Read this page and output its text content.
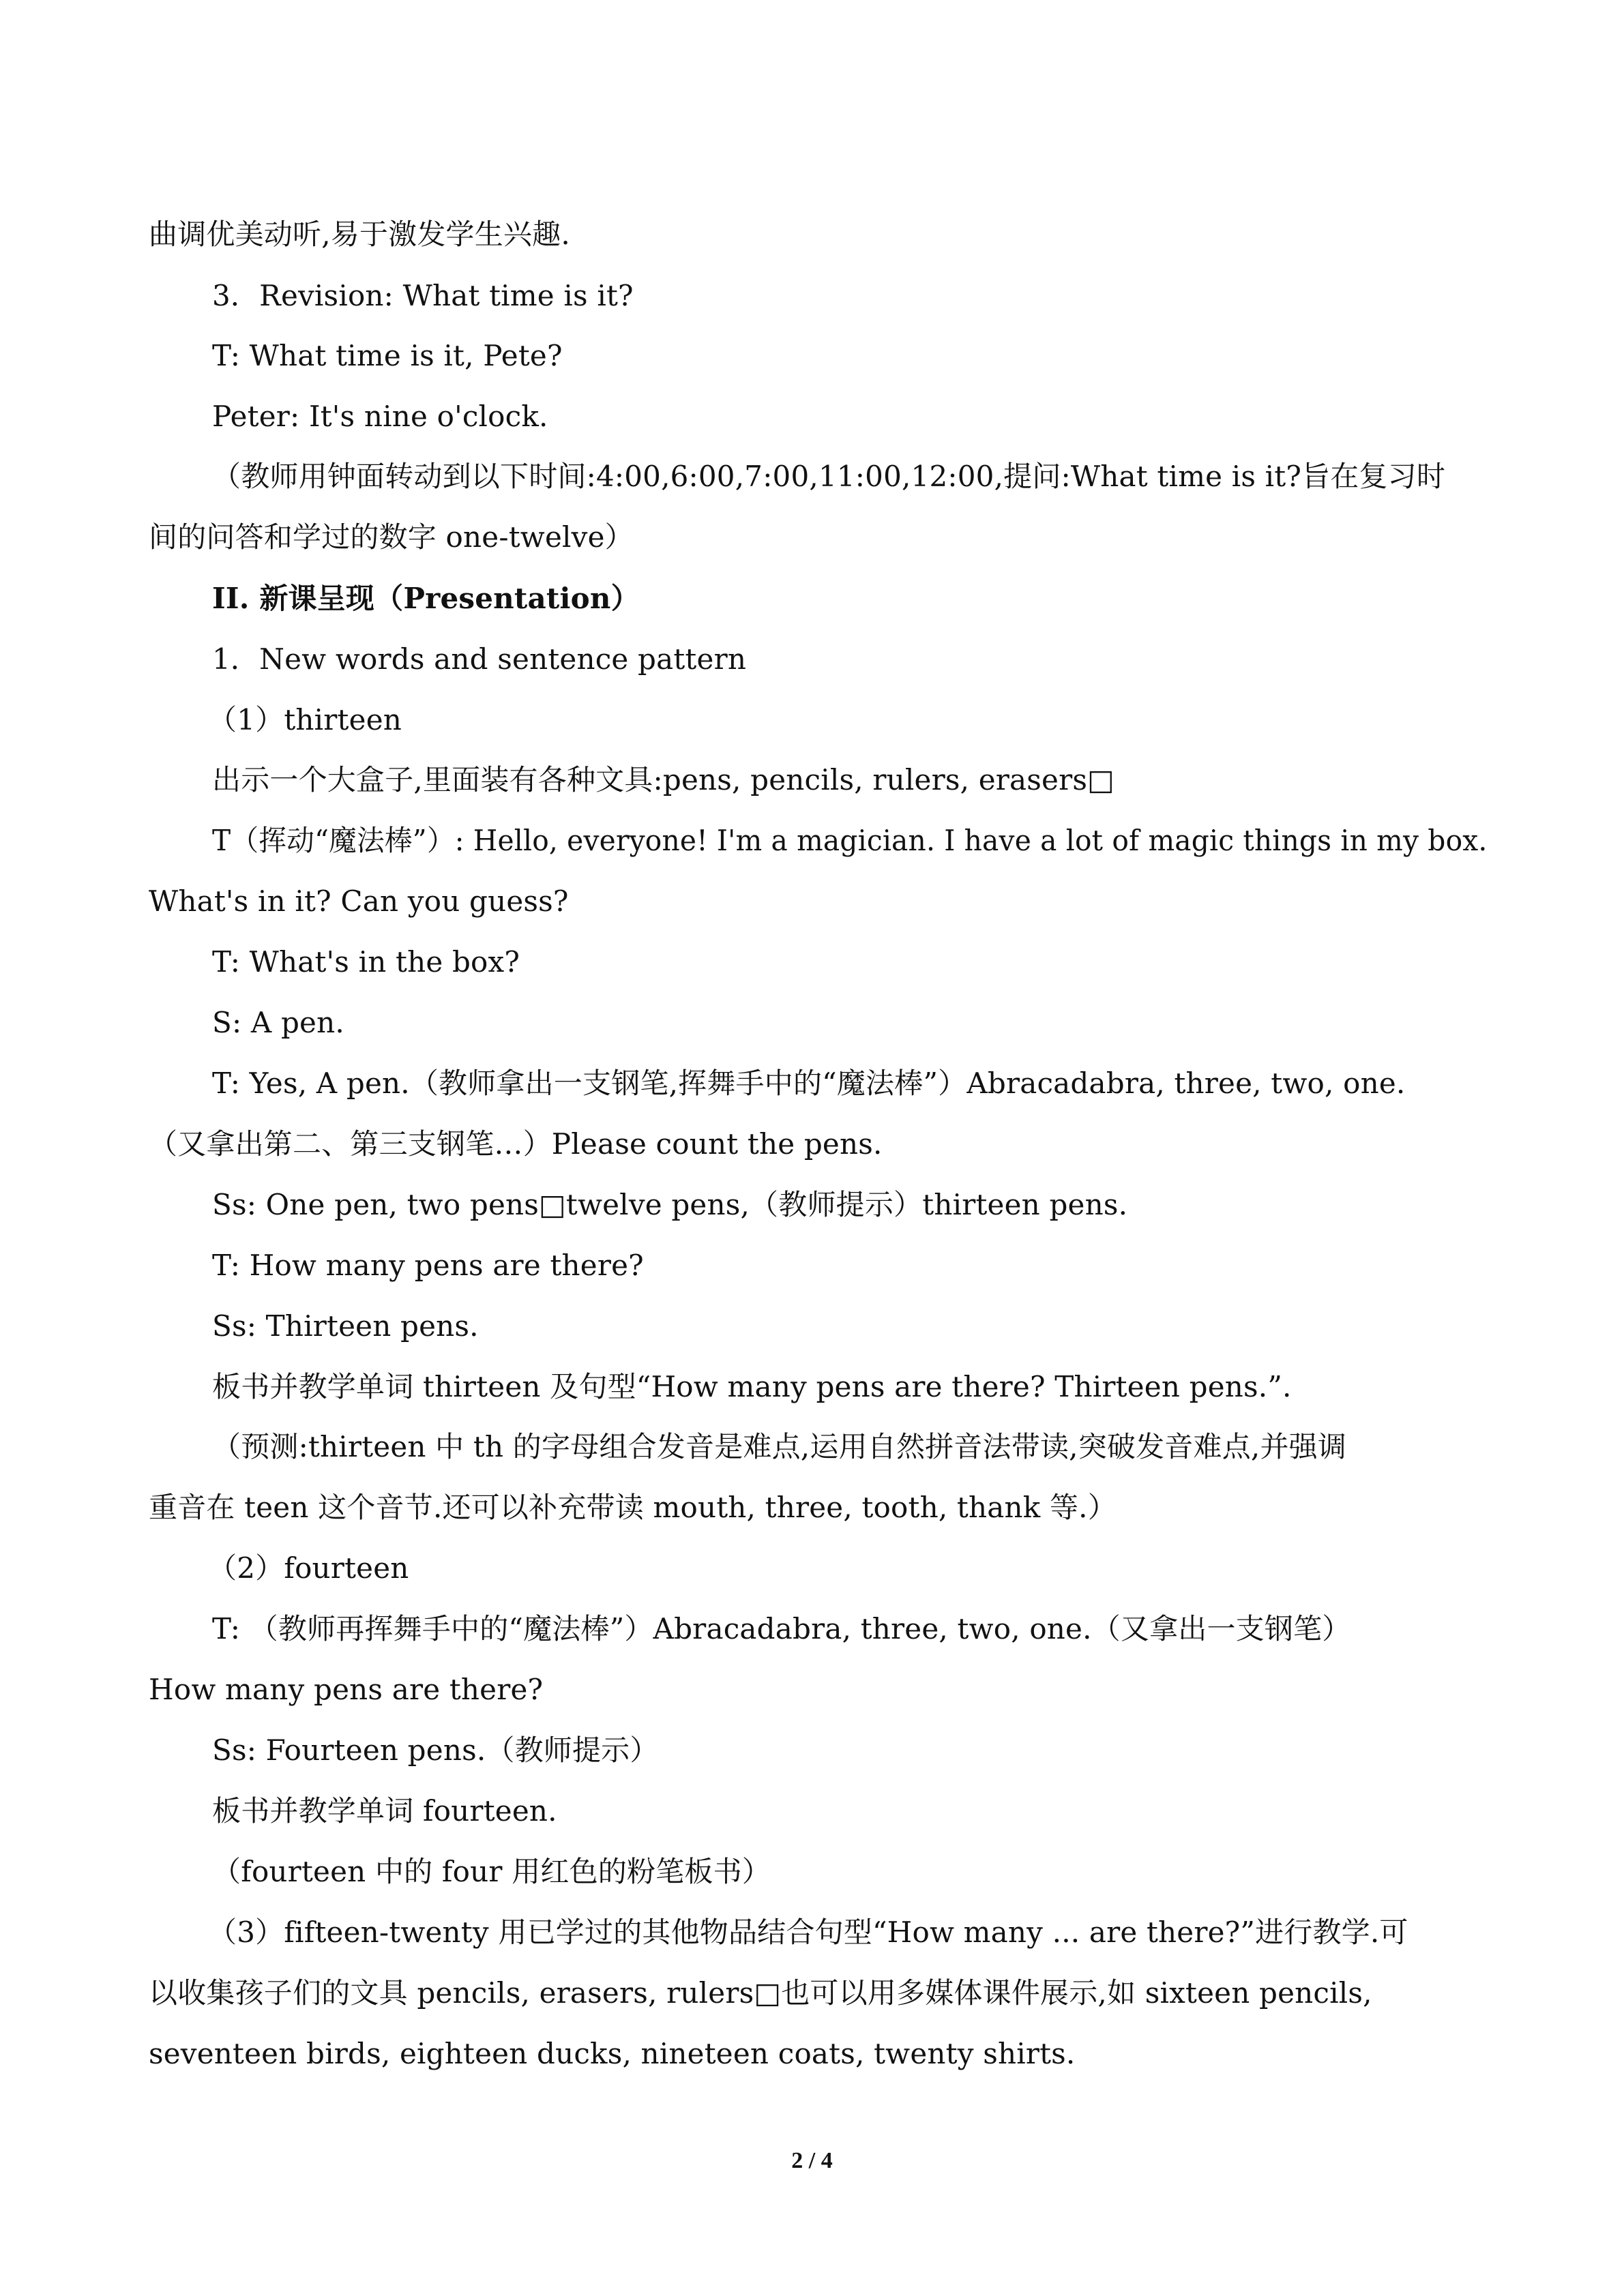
曲调优美动听,易于激发学生兴趣.
3．Revision: What time is it?
T: What time is it, Pete?
Peter: It's nine o'clock.
（教师用钟面转动到以下时间:4:00,6:00,7:00,11:00,12:00,提问:What time is it?旨在复习时
间的问答和学过的数字 one-twelve）
II. 新课呈现（Presentation）
1．New words and sentence pattern
（1）thirteen
出示一个大盒子,里面装有各种文具:pens, pencils, rulers, erasers□
T（挥动“魔法棒”）: Hello, everyone! I'm a magician. I have a lot of magic things in my box.
What's in it? Can you guess?
T: What's in the box?
S: A pen.
T: Yes, A pen.（教师拿出一支钢笔,挥舞手中的“魔法棒”）Abracadabra, three, two, one.
（又拿出第二、第三支钢笔…）Please count the pens.
Ss: One pen, two pens□twelve pens,（教师提示）thirteen pens.
T: How many pens are there?
Ss: Thirteen pens.
板书并教学单词 thirteen 及句型“How many pens are there? Thirteen pens.”.
（预测:thirteen 中 th 的字母组合发音是难点,运用自然拼音法带读,突破发音难点,并强调
重音在 teen 这个音节.还可以补充带读 mouth, three, tooth, thank 等.）
（2）fourteen
T: （教师再挥舞手中的“魔法棒”）Abracadabra, three, two, one.（又拿出一支钢笔）
How many pens are there?
Ss: Fourteen pens.（教师提示）
板书并教学单词 fourteen.
（fourteen 中的 four 用红色的粉笔板书）
（3）fifteen-twenty 用已学过的其他物品结合句型“How many ... are there?”进行教学.可
以收集孩子们的文具 pencils, erasers, rulers□也可以用多媒体课件展示,如 sixteen pencils,
seventeen birds, eighteen ducks, nineteen coats, twenty shirts.
2 / 4
